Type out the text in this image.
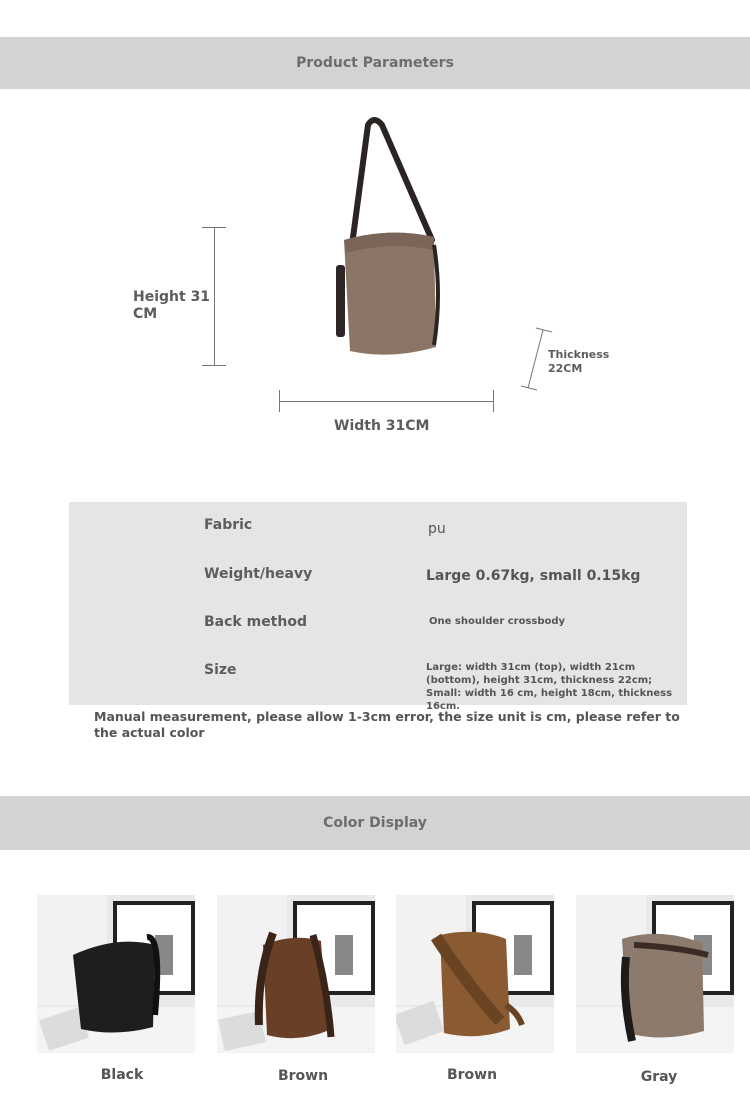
Product Parameters
Height 31 CM
Width 31CM
Thickness 22CM
Fabric	pu
Weight/heavy	Large 0.67kg, small 0.15kg
Back method	One shoulder crossbody
Size	Large: width 31cm (top), width 21cm (bottom), height 31cm, thickness 22cm; Small: width 16 cm, height 18cm, thickness 16cm.
Manual measurement, please allow 1-3cm error, the size unit is cm, please refer to the actual color
Color Display
Black	Brown	Brown	Gray
